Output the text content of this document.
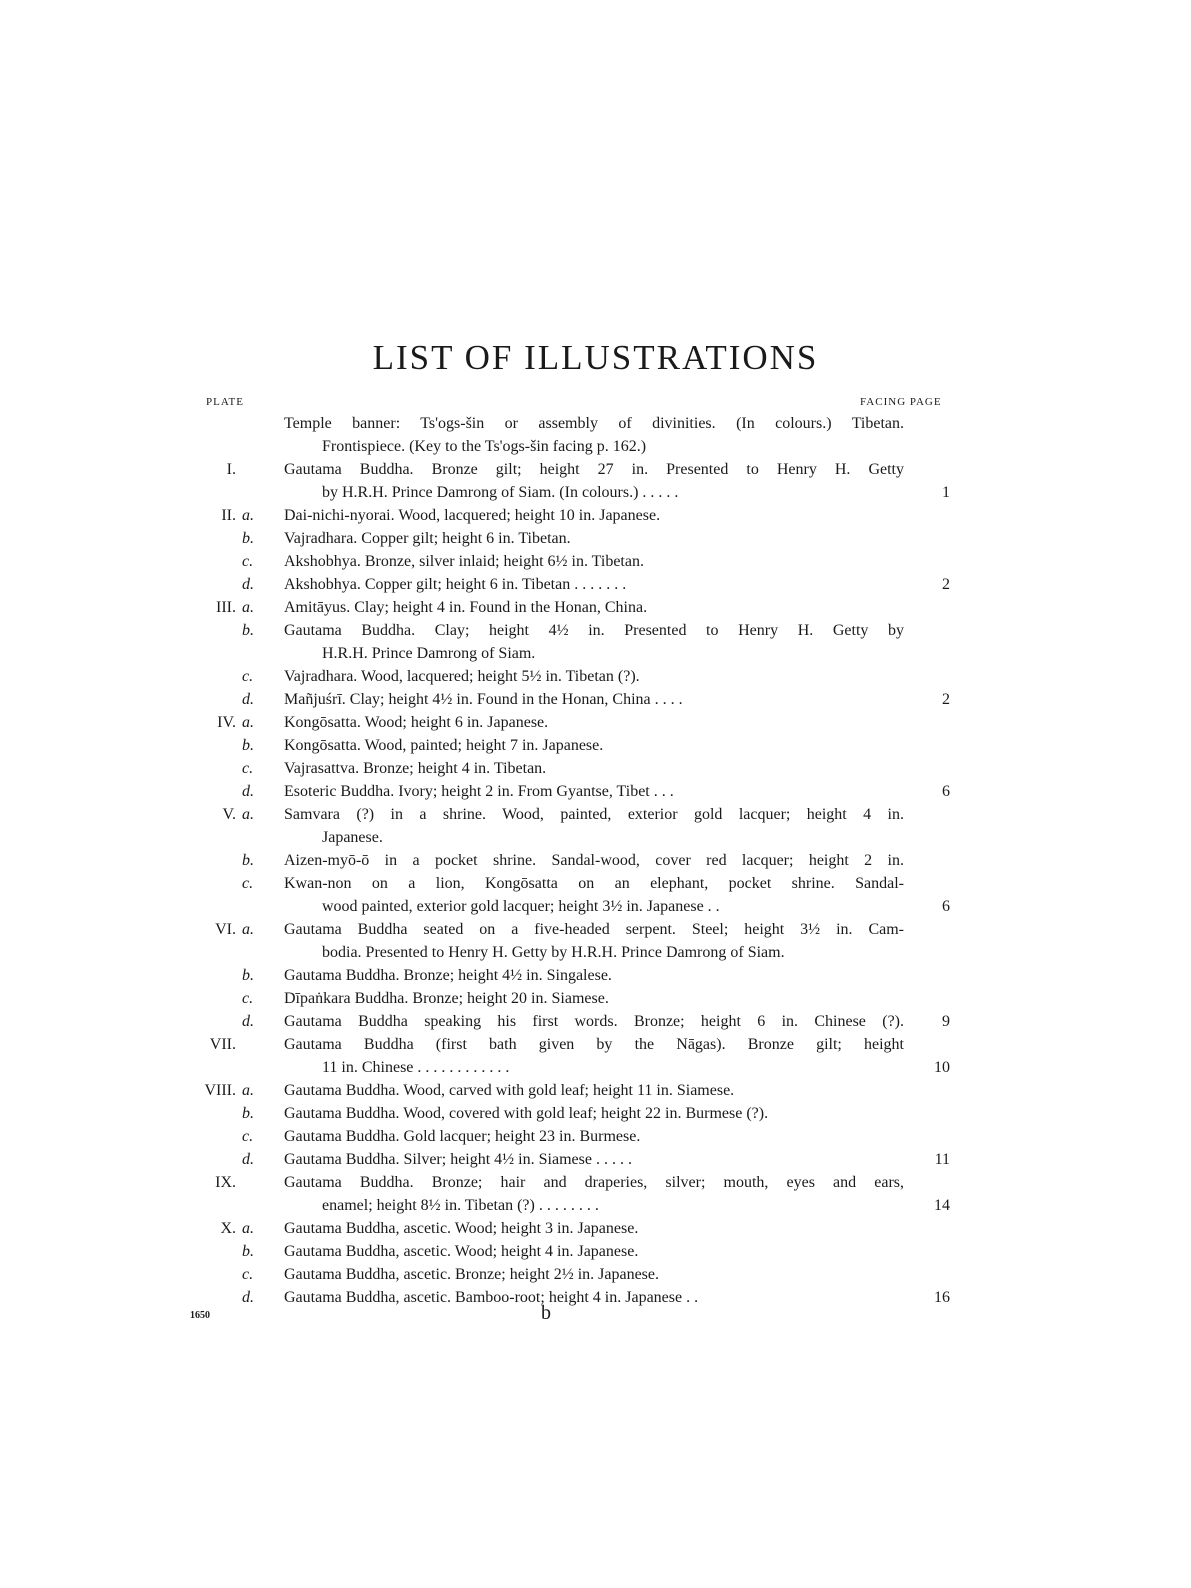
LIST OF ILLUSTRATIONS
PLATE	FACING PAGE
Temple banner: Ts'ogs-šin or assembly of divinities. (In colours.) Tibetan.
Frontispiece. (Key to the Ts'ogs-šin facing p. 162.)
I.	Gautama Buddha. Bronze gilt; height 27 in. Presented to Henry H. Getty
by H.R.H. Prince Damrong of Siam. (In colours.) . . . . .	1
II. a.	Dai-nichi-nyorai. Wood, lacquered; height 10 in. Japanese.
b.	Vajradhara. Copper gilt; height 6 in. Tibetan.
c.	Akshobhya. Bronze, silver inlaid; height 6½ in. Tibetan.
d.	Akshobhya. Copper gilt; height 6 in. Tibetan . . . . . . .	2
III. a.	Amitāyus. Clay; height 4 in. Found in the Honan, China.
b.	Gautama Buddha. Clay; height 4½ in. Presented to Henry H. Getty by
H.R.H. Prince Damrong of Siam.
c.	Vajradhara. Wood, lacquered; height 5½ in. Tibetan (?).
d.	Mañjuśrī. Clay; height 4½ in. Found in the Honan, China . . . .	2
IV. a.	Kongōsatta. Wood; height 6 in. Japanese.
b.	Kongōsatta. Wood, painted; height 7 in. Japanese.
c.	Vajrasattva. Bronze; height 4 in. Tibetan.
d.	Esoteric Buddha. Ivory; height 2 in. From Gyantse, Tibet . . .	6
V. a.	Samvara (?) in a shrine. Wood, painted, exterior gold lacquer; height 4 in.
Japanese.
b.	Aizen-myō-ō in a pocket shrine. Sandal-wood, cover red lacquer; height 2 in.
c.	Kwan-non on a lion, Kongōsatta on an elephant, pocket shrine. Sandal-
wood painted, exterior gold lacquer; height 3½ in. Japanese . .	6
VI. a.	Gautama Buddha seated on a five-headed serpent. Steel; height 3½ in. Cam-
bodia. Presented to Henry H. Getty by H.R.H. Prince Damrong of Siam.
b.	Gautama Buddha. Bronze; height 4½ in. Singalese.
c.	Dīpaṅkara Buddha. Bronze; height 20 in. Siamese.
d.	Gautama Buddha speaking his first words. Bronze; height 6 in. Chinese (?).	9
VII.	Gautama Buddha (first bath given by the Nāgas). Bronze gilt; height
11 in. Chinese . . . . . . . . . . . .	10
VIII. a.	Gautama Buddha. Wood, carved with gold leaf; height 11 in. Siamese.
b.	Gautama Buddha. Wood, covered with gold leaf; height 22 in. Burmese (?).
c.	Gautama Buddha. Gold lacquer; height 23 in. Burmese.
d.	Gautama Buddha. Silver; height 4½ in. Siamese . . . . .	11
IX.	Gautama Buddha. Bronze; hair and draperies, silver; mouth, eyes and ears,
enamel; height 8½ in. Tibetan (?) . . . . . . . .	14
X. a.	Gautama Buddha, ascetic. Wood; height 3 in. Japanese.
b.	Gautama Buddha, ascetic. Wood; height 4 in. Japanese.
c.	Gautama Buddha, ascetic. Bronze; height 2½ in. Japanese.
d.	Gautama Buddha, ascetic. Bamboo-root; height 4 in. Japanese . .	16
1650	b
